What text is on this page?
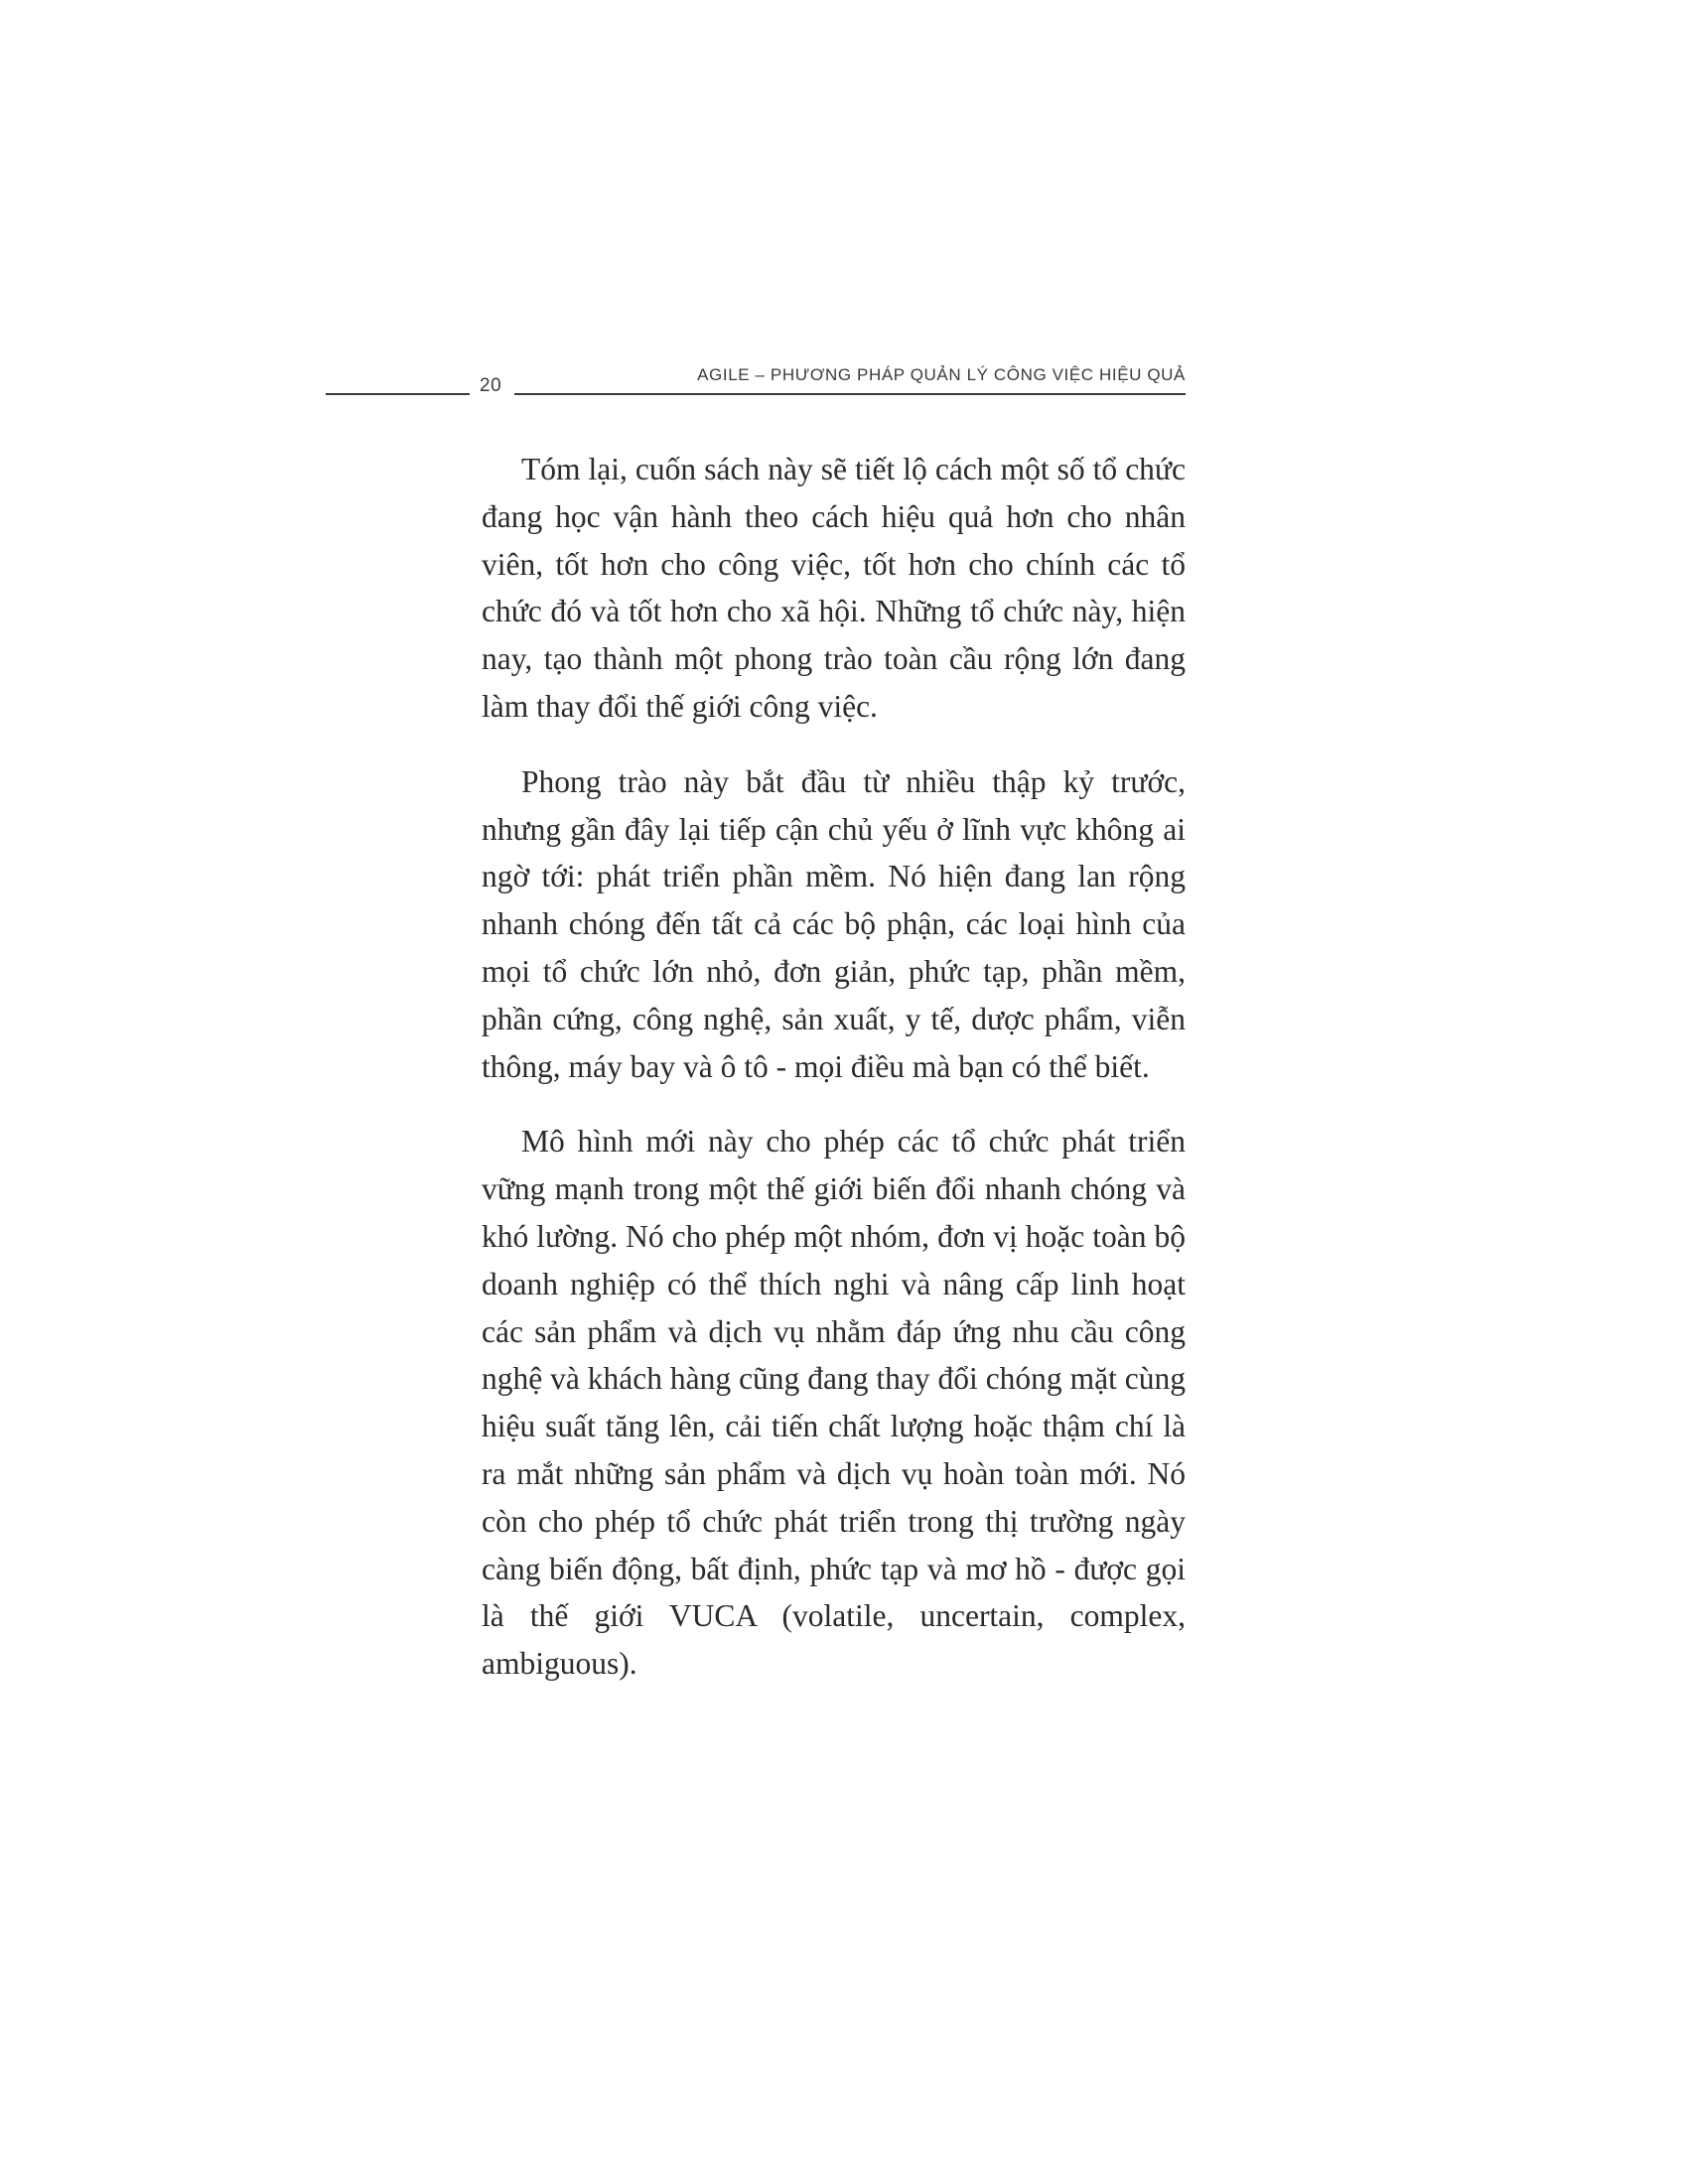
20
AGILE – PHƯƠNG PHÁP QUẢN LÝ CÔNG VIỆC HIỆU QUẢ

Tóm lại, cuốn sách này sẽ tiết lộ cách một số tổ chức đang học vận hành theo cách hiệu quả hơn cho nhân viên, tốt hơn cho công việc, tốt hơn cho chính các tổ chức đó và tốt hơn cho xã hội. Những tổ chức này, hiện nay, tạo thành một phong trào toàn cầu rộng lớn đang làm thay đổi thế giới công việc.

Phong trào này bắt đầu từ nhiều thập kỷ trước, nhưng gần đây lại tiếp cận chủ yếu ở lĩnh vực không ai ngờ tới: phát triển phần mềm. Nó hiện đang lan rộng nhanh chóng đến tất cả các bộ phận, các loại hình của mọi tổ chức lớn nhỏ, đơn giản, phức tạp, phần mềm, phần cứng, công nghệ, sản xuất, y tế, dược phẩm, viễn thông, máy bay và ô tô - mọi điều mà bạn có thể biết.

Mô hình mới này cho phép các tổ chức phát triển vững mạnh trong một thế giới biến đổi nhanh chóng và khó lường. Nó cho phép một nhóm, đơn vị hoặc toàn bộ doanh nghiệp có thể thích nghi và nâng cấp linh hoạt các sản phẩm và dịch vụ nhằm đáp ứng nhu cầu công nghệ và khách hàng cũng đang thay đổi chóng mặt cùng hiệu suất tăng lên, cải tiến chất lượng hoặc thậm chí là ra mắt những sản phẩm và dịch vụ hoàn toàn mới. Nó còn cho phép tổ chức phát triển trong thị trường ngày càng biến động, bất định, phức tạp và mơ hồ - được gọi là thế giới VUCA (volatile, uncertain, complex, ambiguous).
